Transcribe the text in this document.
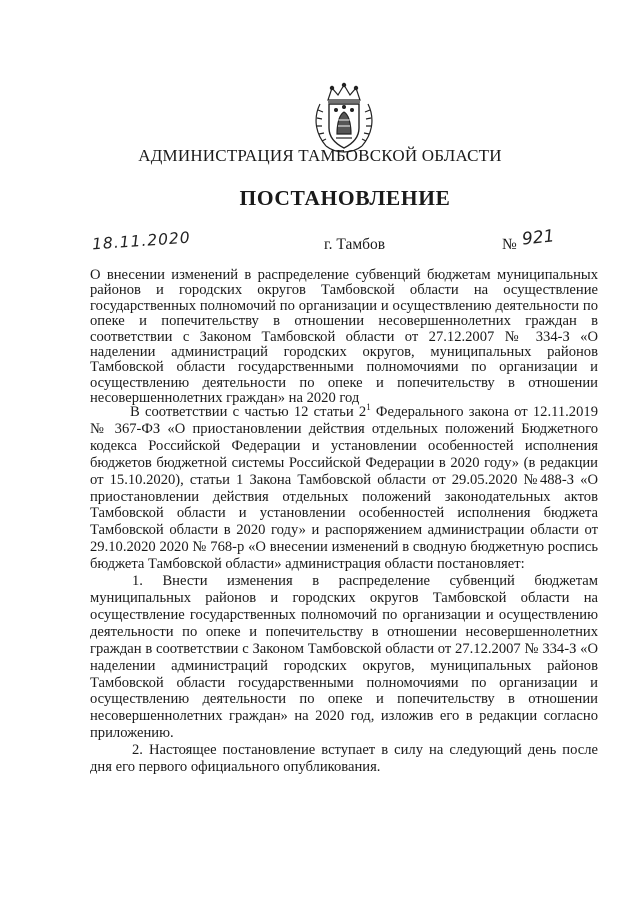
АДМИНИСТРАЦИЯ ТАМБОВСКОЙ ОБЛАСТИ
ПОСТАНОВЛЕНИЕ
18.11.2020	г. Тамбов	№ 921
О внесении изменений в распределение субвенций бюджетам муниципальных районов и городских округов Тамбовской области на осуществление государственных полномочий по организации и осуществлению деятельности по опеке и попечительству в отношении несовершеннолетних граждан в соответствии с Законом Тамбовской области от 27.12.2007 № 334-З «О наделении администраций городских округов, муниципальных районов Тамбовской области государственными полномочиями по организации и осуществлению деятельности по опеке и попечительству в отношении несовершеннолетних граждан» на 2020 год

В соответствии с частью 12 статьи $2^1$ Федерального закона от 12.11.2019 № 367-ФЗ «О приостановлении действия отдельных положений Бюджетного кодекса Российской Федерации и установлении особенностей исполнения бюджетов бюджетной системы Российской Федерации в 2020 году» (в редакции от 15.10.2020), статьи 1 Закона Тамбовской области от 29.05.2020 №488-З «О приостановлении действия отдельных положений законодательных актов Тамбовской области и установлении особенностей исполнения бюджета Тамбовской области в 2020 году» и распоряжением администрации области от 29.10.2020 2020 № 768-р «О внесении изменений в сводную бюджетную роспись бюджета Тамбовской области» администрация области постановляет:

1. Внести изменения в распределение субвенций бюджетам муниципальных районов и городских округов Тамбовской области на осуществление государственных полномочий по организации и осуществлению деятельности по опеке и попечительству в отношении несовершеннолетних граждан в соответствии с Законом Тамбовской области от 27.12.2007 № 334-З «О наделении администраций городских округов, муниципальных районов Тамбовской области государственными полномочиями по организации и осуществлению деятельности по опеке и попечительству в отношении несовершеннолетних граждан» на 2020 год, изложив его в редакции согласно приложению.

2. Настоящее постановление вступает в силу на следующий день после дня его первого официального опубликования.
